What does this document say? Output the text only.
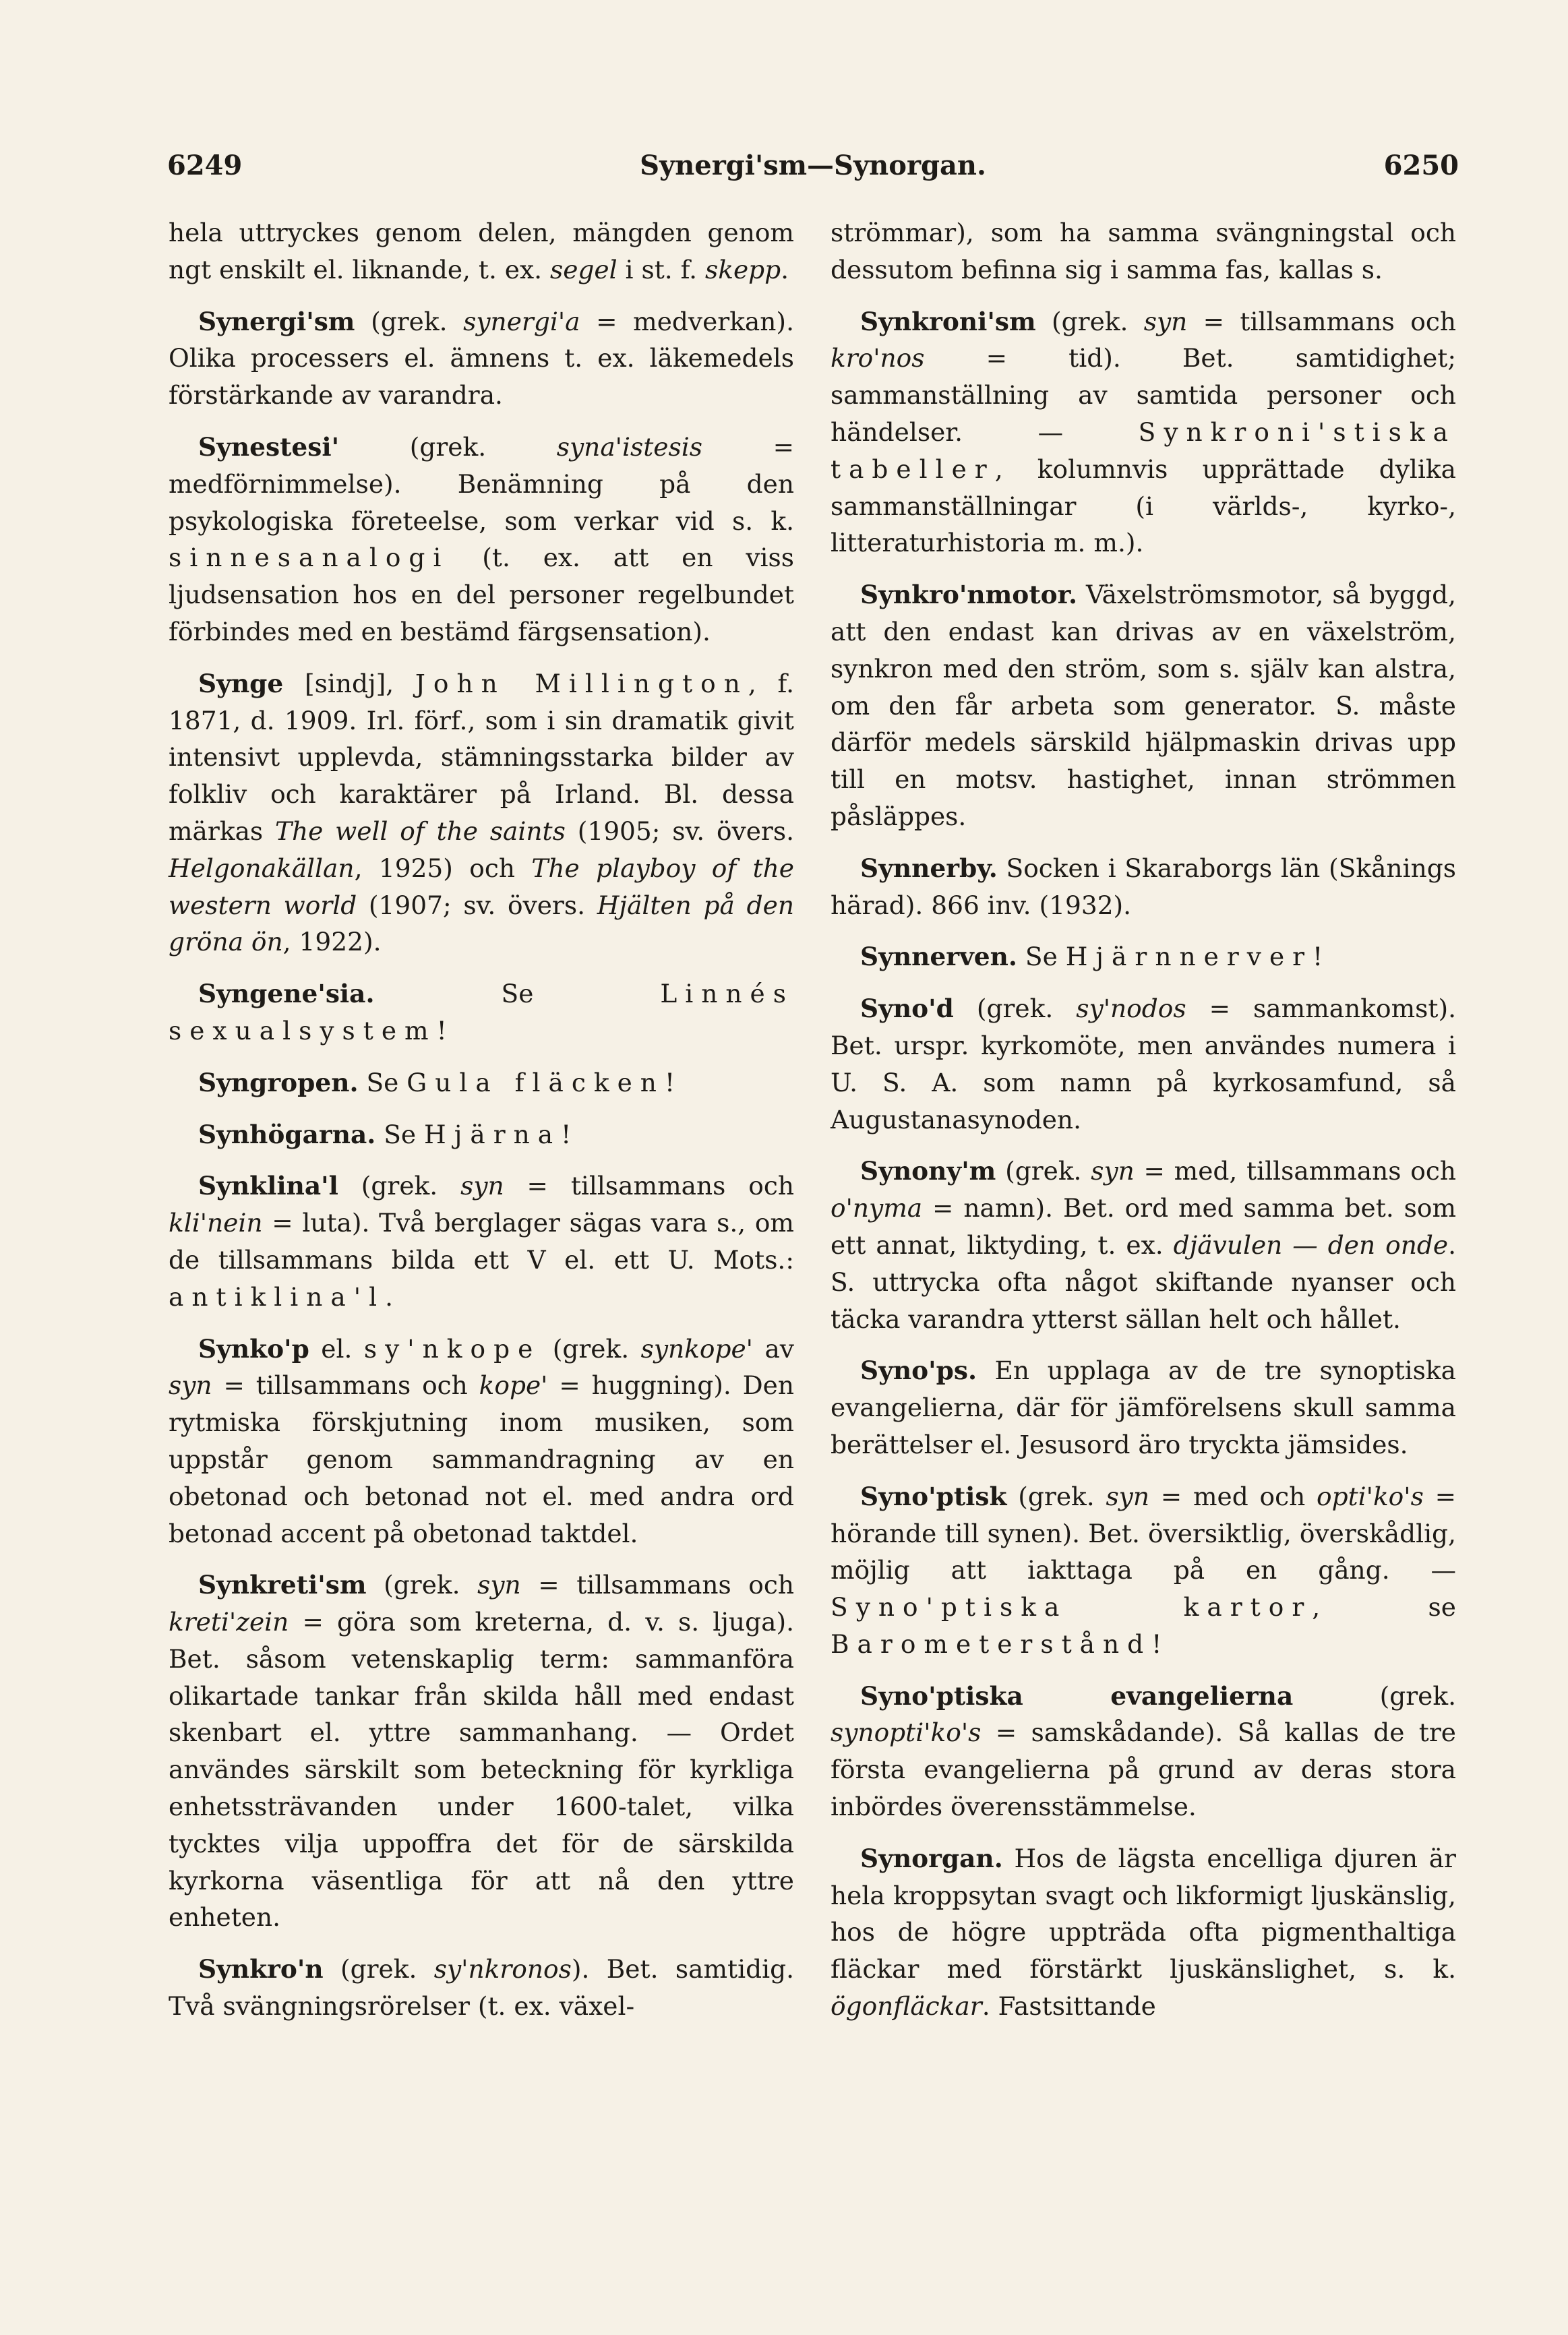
6249	Synergi'sm—Synorgan.	6250

hela uttryckes genom delen, mängden genom ngt enskilt el. liknande, t. ex. segel i st. f. skepp.

Synergi'sm (grek. synergi'a = medverkan). Olika processers el. ämnens t. ex. läkemedels förstärkande av varandra.

Synestesi' (grek. syna'istesis = medförnimmelse). Benämning på den psykologiska företeelse, som verkar vid s. k. sinnesanalogi (t. ex. att en viss ljudsensation hos en del personer regelbundet förbindes med en bestämd färgsensation).

Synge [sindj], John Millington, f. 1871, d. 1909. Irl. förf., som i sin dramatik givit intensivt upplevda, stämningsstarka bilder av folkliv och karaktärer på Irland. Bl. dessa märkas The well of the saints (1905; sv. övers. Helgonakällan, 1925) och The playboy of the western world (1907; sv. övers. Hjälten på den gröna ön, 1922).

Syngene'sia. Se Linnés sexualsystem!

Syngropen. Se Gula fläcken!

Synhögarna. Se Hjärna!

Synklina'l (grek. syn = tillsammans och kli'nein = luta). Två berglager sägas vara s., om de tillsammans bilda ett V el. ett U. Mots.: antiklina'l.

Synko'p el. sy'nkope (grek. synkope' av syn = tillsammans och kope' = huggning). Den rytmiska förskjutning inom musiken, som uppstår genom sammandragning av en obetonad och betonad not el. med andra ord betonad accent på obetonad taktdel.

Synkreti'sm (grek. syn = tillsammans och kreti'zein = göra som kreterna, d. v. s. ljuga). Bet. såsom vetenskaplig term: sammanföra olikartade tankar från skilda håll med endast skenbart el. yttre sammanhang. — Ordet användes särskilt som beteckning för kyrkliga enhetssträvanden under 1600-talet, vilka tycktes vilja uppoffra det för de särskilda kyrkorna väsentliga för att nå den yttre enheten.

Synkro'n (grek. sy'nkronos). Bet. samtidig. Två svängningsrörelser (t. ex. växel-

strömmar), som ha samma svängningstal och dessutom befinna sig i samma fas, kallas s.

Synkroni'sm (grek. syn = tillsammans och kro'nos = tid). Bet. samtidighet; sammanställning av samtida personer och händelser. — Synkroni'stiska tabeller, kolumnvis upprättade dylika sammanställningar (i världs-, kyrko-, litteraturhistoria m. m.).

Synkro'nmotor. Växelströmsmotor, så byggd, att den endast kan drivas av en växelström, synkron med den ström, som s. själv kan alstra, om den får arbeta som generator. S. måste därför medels särskild hjälpmaskin drivas upp till en motsv. hastighet, innan strömmen påsläppes.

Synnerby. Socken i Skaraborgs län (Skånings härad). 866 inv. (1932).

Synnerven. Se Hjärnnerver!

Syno'd (grek. sy'nodos = sammankomst). Bet. urspr. kyrkomöte, men användes numera i U. S. A. som namn på kyrkosamfund, så Augustanasynoden.

Synony'm (grek. syn = med, tillsammans och o'nyma = namn). Bet. ord med samma bet. som ett annat, liktyding, t. ex. djävulen — den onde. S. uttrycka ofta något skiftande nyanser och täcka varandra ytterst sällan helt och hållet.

Syno'ps. En upplaga av de tre synoptiska evangelierna, där för jämförelsens skull samma berättelser el. Jesusord äro tryckta jämsides.

Syno'ptisk (grek. syn = med och opti'ko's = hörande till synen). Bet. översiktlig, överskådlig, möjlig att iakttaga på en gång. — Syno'ptiska kartor, se Barometerstånd!

Syno'ptiska evangelierna (grek. synopti'ko's = samskådande). Så kallas de tre första evangelierna på grund av deras stora inbördes överensstämmelse.

Synorgan. Hos de lägsta encelliga djuren är hela kroppsytan svagt och likformigt ljuskänslig, hos de högre uppträda ofta pigmenthaltiga fläckar med förstärkt ljuskänslighet, s. k. ögonfläckar. Fastsittande
